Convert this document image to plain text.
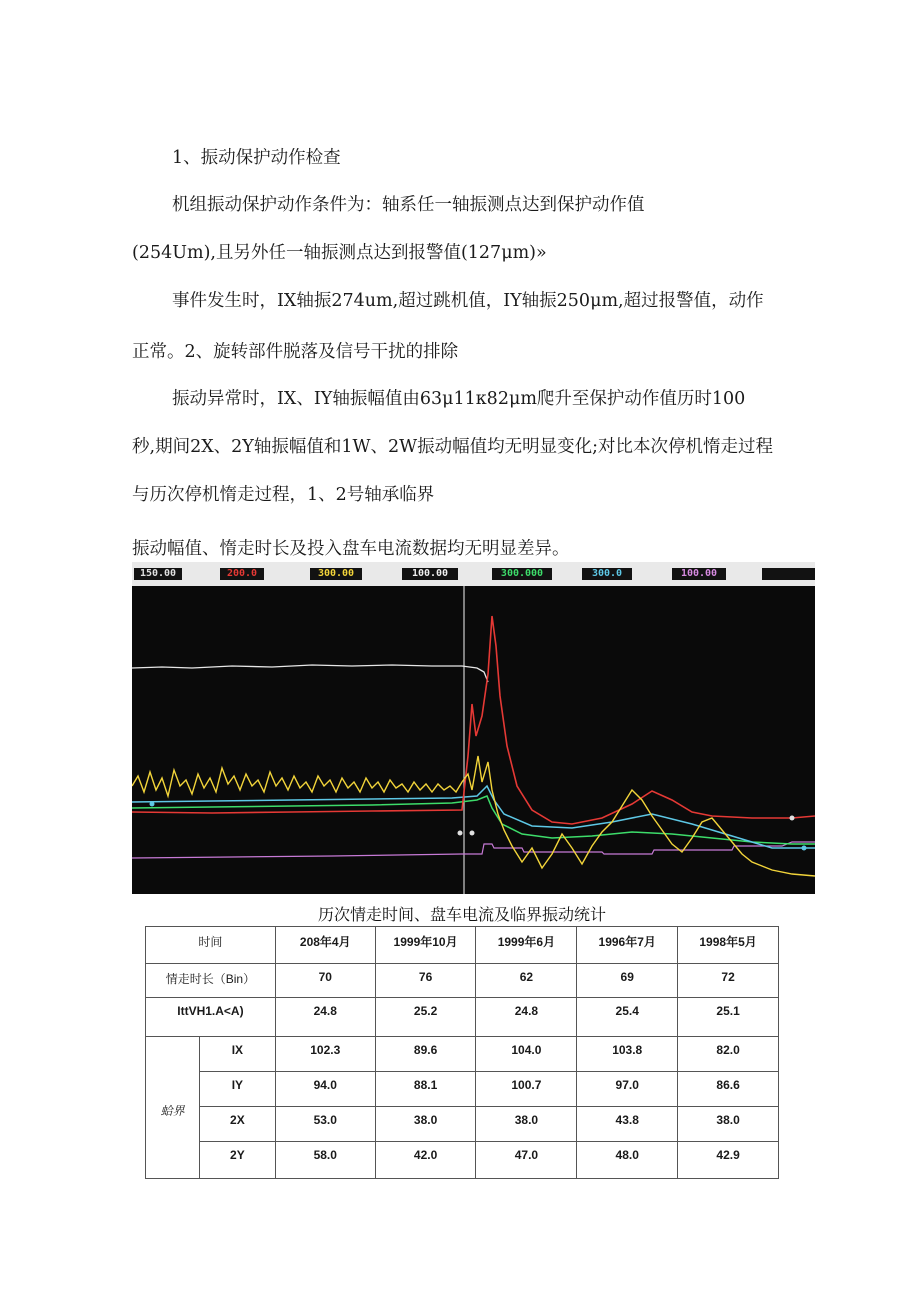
1、振动保护动作检查
机组振动保护动作条件为：轴系任一轴振测点达到保护动作值
(254Um),且另外任一轴振测点达到报警值(127μm)»
事件发生时，IX轴振274um,超过跳机值，IY轴振250μm,超过报警值，动作
正常。2、旋转部件脱落及信号干扰的排除
振动异常时，IX、IY轴振幅值由63μ11κ82μm爬升至保护动作值历时100
秒,期间2X、2Y轴振幅值和1W、2W振动幅值均无明显变化;对比本次停机惰走过程
与历次停机惰走过程，1、2号轴承临界
振动幅值、惰走时长及投入盘车电流数据均无明显差异。
150.00	200.0	300.00	100.00	300.000	300.0	100.00
历次情走时间、盘车电流及临界振动统计
时间		208年4月	1999年10月	1999年6月	1996年7月	1998年5月
情走时长（Bin）		70	76	62	69	72
IttVH1.A<A)		24.8	25.2	24.8	25.4	25.1
蛤界	IX	102.3	89.6	104.0	103.8	82.0
	IY	94.0	88.1	100.7	97.0	86.6
	2X	53.0	38.0	38.0	43.8	38.0
	2Y	58.0	42.0	47.0	48.0	42.9
